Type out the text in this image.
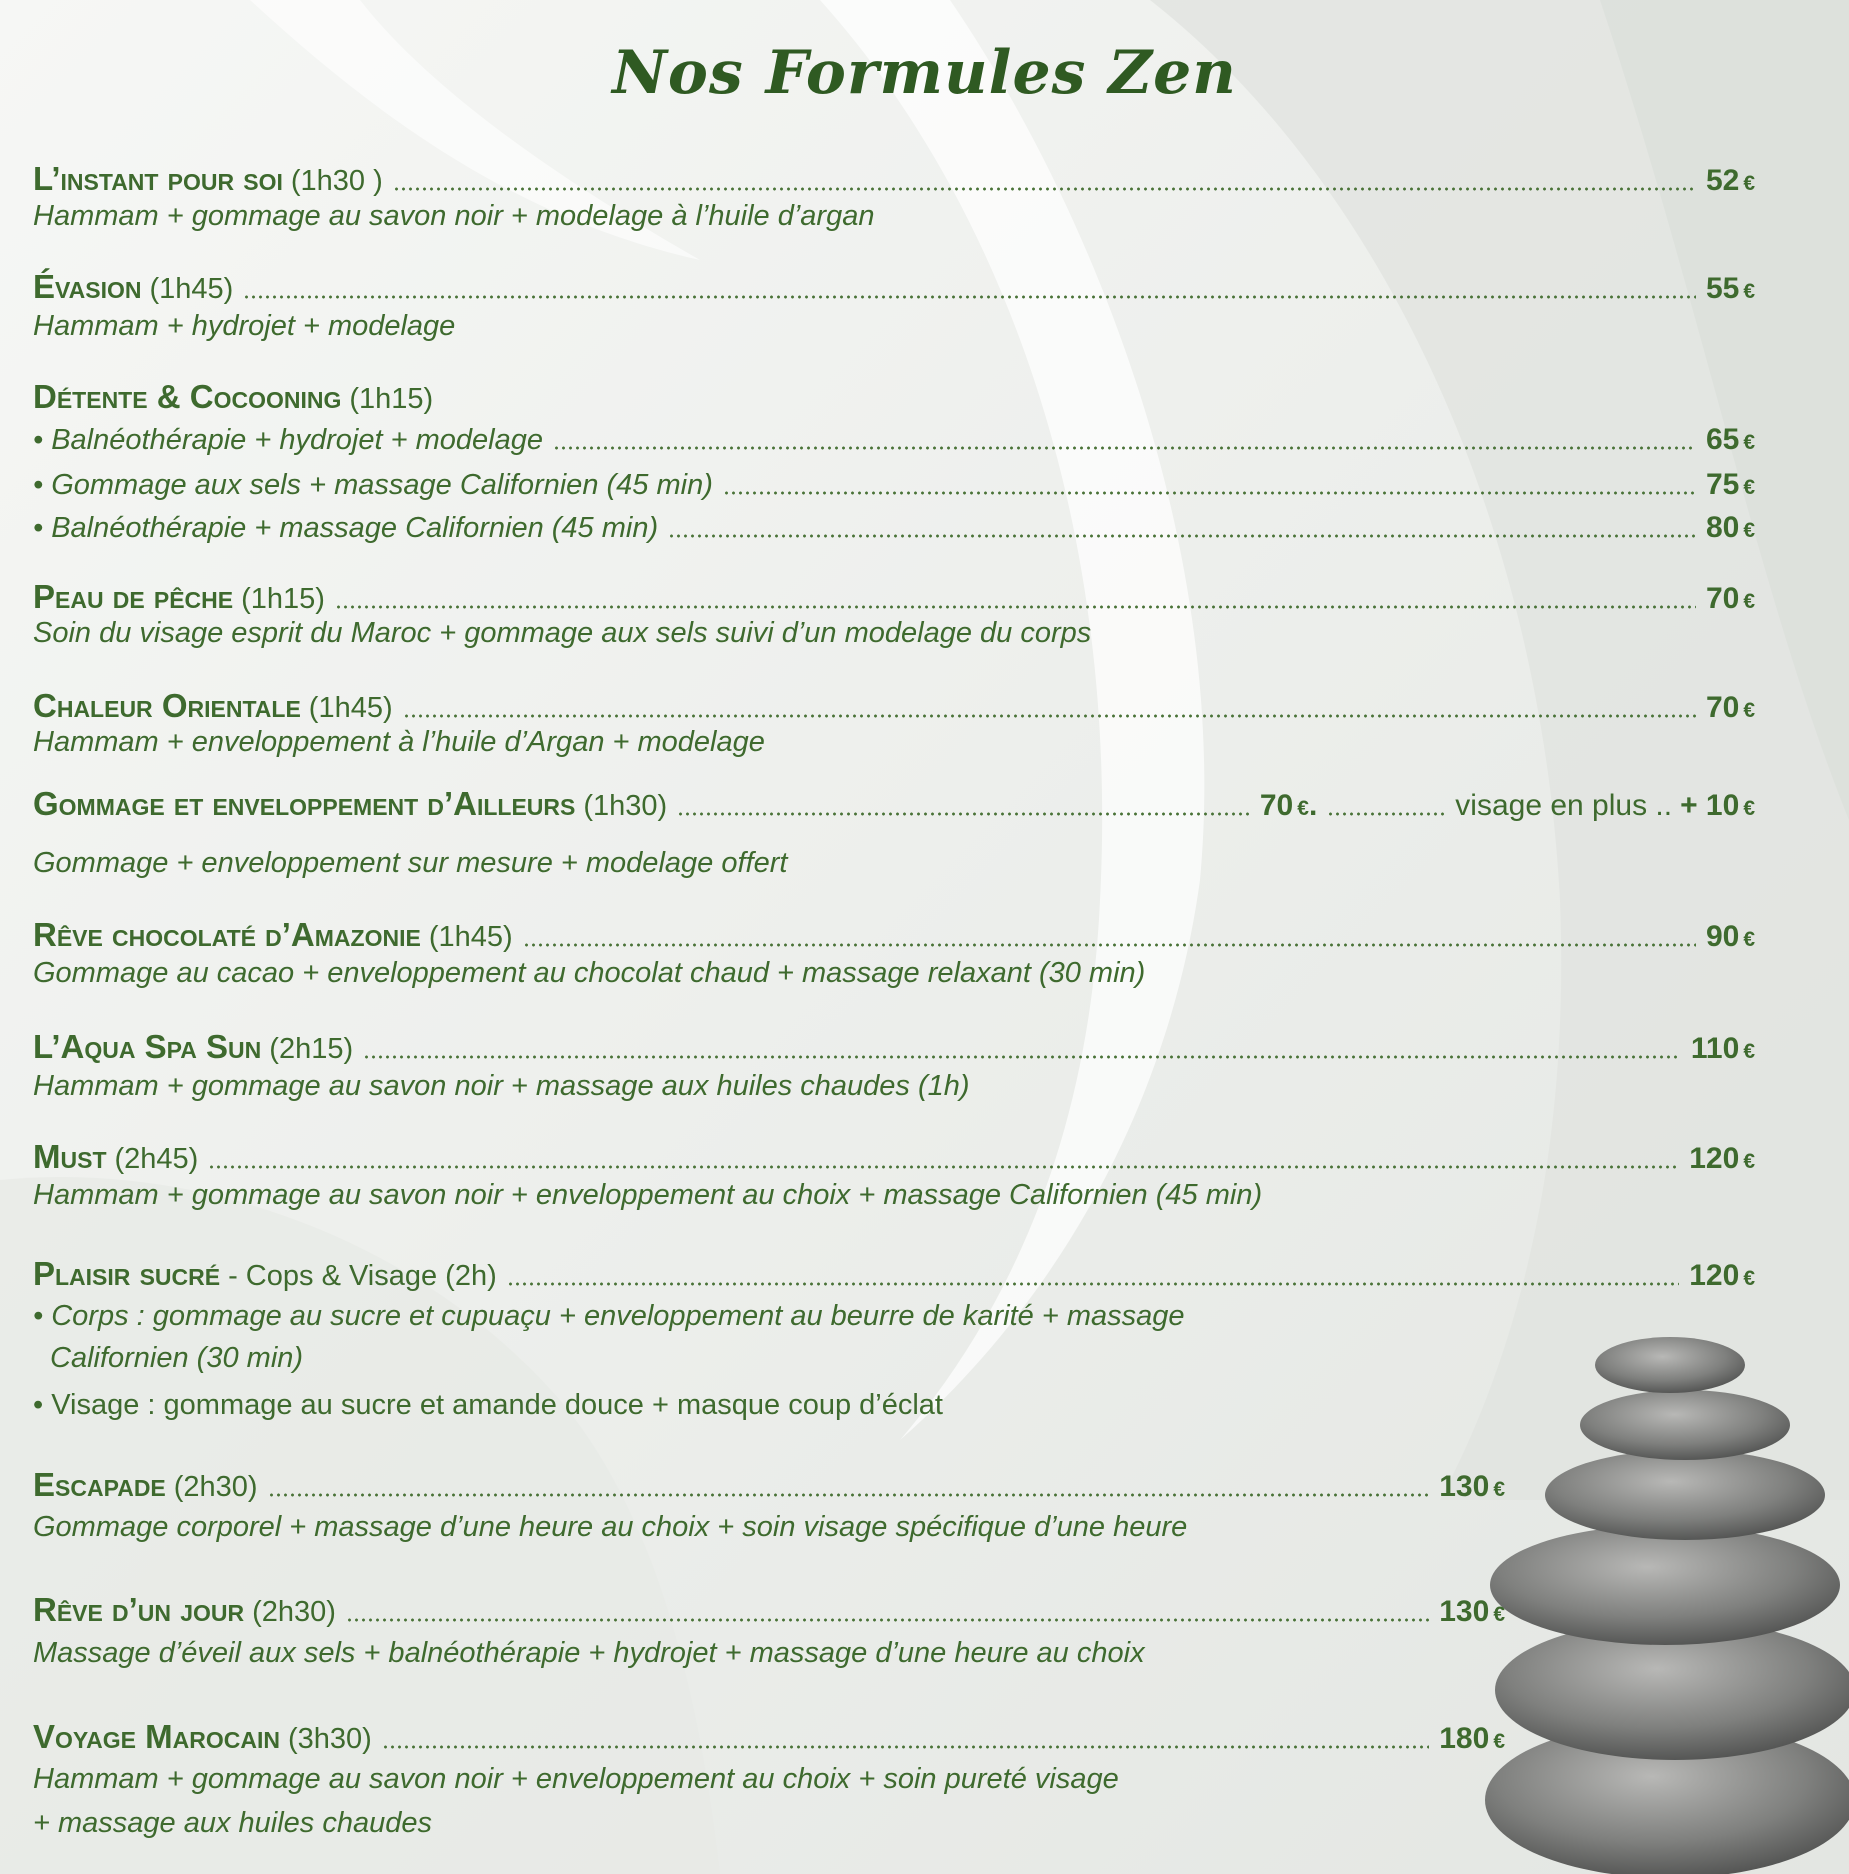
Nos Formules Zen
L’instant pour soi (1h30 )	52 €
Hammam + gommage au savon noir + modelage à l’huile d’argan
Évasion (1h45)	55 €
Hammam + hydrojet + modelage
Détente & Cocooning (1h15)
• Balnéothérapie + hydrojet + modelage	65 €
• Gommage aux sels + massage Californien (45 min)	75 €
• Balnéothérapie + massage Californien (45 min)	80 €
Peau de pêche (1h15)	70 €
Soin du visage esprit du Maroc + gommage aux sels suivi d’un modelage du corps
Chaleur Orientale (1h45)	70 €
Hammam + enveloppement à l’huile d’Argan + modelage
Gommage et enveloppement d’Ailleurs (1h30)	70 €.	visage en plus .. + 10 €
Gommage + enveloppement sur mesure + modelage offert
Rêve chocolaté d’Amazonie (1h45)	90 €
Gommage au cacao + enveloppement au chocolat chaud + massage relaxant (30 min)
L’Aqua Spa Sun (2h15)	110 €
Hammam + gommage au savon noir + massage aux huiles chaudes (1h)
Must (2h45)	120 €
Hammam + gommage au savon noir + enveloppement au choix + massage Californien (45 min)
Plaisir sucré - Cops & Visage (2h)	120 €
• Corps : gommage au sucre et cupuaçu + enveloppement au beurre de karité + massage
Californien (30 min)
• Visage : gommage au sucre et amande douce + masque coup d’éclat
Escapade (2h30)	130 €
Gommage corporel + massage d’une heure au choix + soin visage spécifique d’une heure
Rêve d’un jour (2h30)	130 €
Massage d’éveil aux sels + balnéothérapie + hydrojet + massage d’une heure au choix
Voyage Marocain (3h30)	180 €
Hammam + gommage au savon noir + enveloppement au choix + soin pureté visage
+ massage aux huiles chaudes
